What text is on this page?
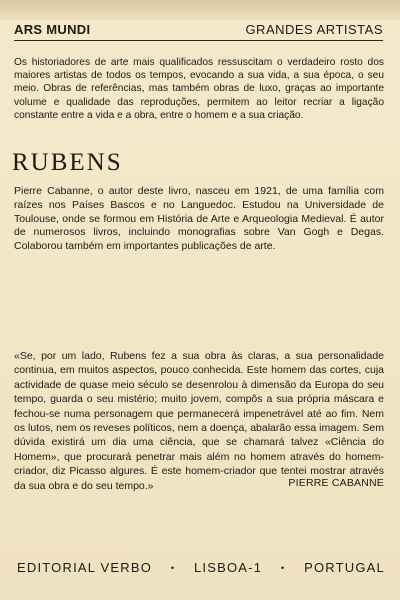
ARS MUNDI	GRANDES ARTISTAS
Os historiadores de arte mais qualificados ressuscitam o verdadeiro rosto dos maiores artistas de todos os tempos, evocando a sua vida, a sua época, o seu meio. Obras de referências, mas também obras de luxo, graças ao importante volume e qualidade das reproduções, permitem ao leitor recriar a ligação constante entre a vida e a obra, entre o homem e a sua criação.
RUBENS
Pierre Cabanne, o autor deste livro, nasceu em 1921, de uma família com raízes nos Países Bascos e no Languedoc. Estudou na Universidade de Toulouse, onde se formou em História de Arte e Arqueologia Medieval. É autor de numerosos livros, incluindo monografias sobre Van Gogh e Degas. Colaborou também em importantes publicações de arte.
«Se, por um lado, Rubens fez a sua obra às claras, a sua personalidade continua, em muitos aspectos, pouco conhecida. Este homem das cortes, cuja actividade de quase meio século se desenrolou à dimensão da Europa do seu tempo, guarda o seu mistério; muito jovem, compôs a sua própria máscara e fechou-se numa personagem que permanecerá impenetrável até ao fim. Nem os lutos, nem os reveses políticos, nem a doença, abalarão essa imagem. Sem dúvida existirá um dia uma ciência, que se chamará talvez «Ciência do Homem», que procurará penetrar mais além no homem através do homem-criador, diz Picasso algures. É este homem-criador que tentei mostrar através da sua obra e do seu tempo.»	PIERRE CABANNE
EDITORIAL VERBO • LISBOA-1 • PORTUGAL
